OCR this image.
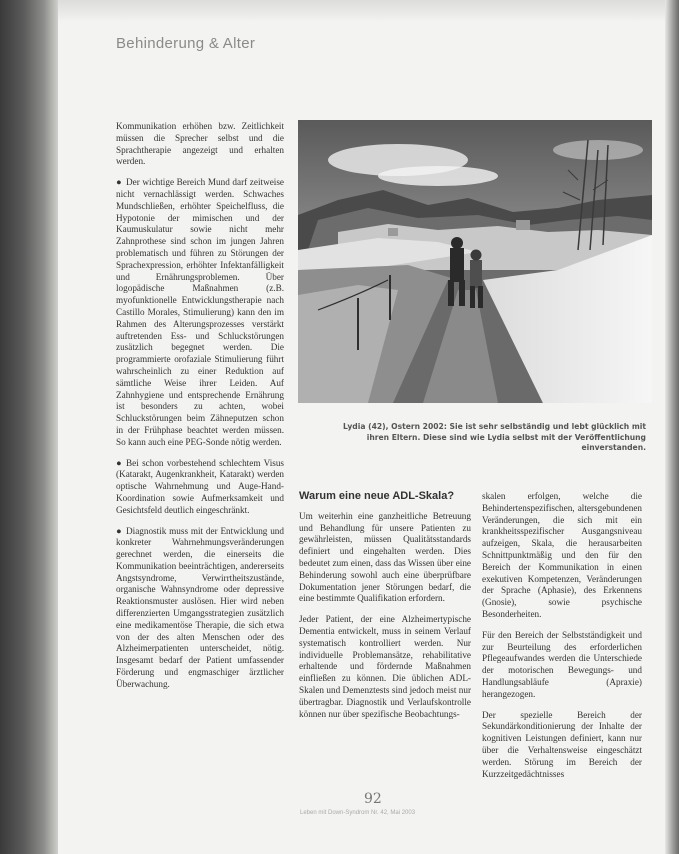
Behinderung & Alter

Kommunikation erhöhen bzw. Zeitlichkeit müssen die Sprecher selbst und die Sprachtherapie angezeigt und erhalten werden.

● Der wichtige Bereich Mund darf zeitweise nicht vernachlässigt werden. Schwaches Mundschließen, erhöhter Speichelfluss, die Hypotonie der mimischen und der Kaumuskulatur sowie nicht mehr Zahnprothese sind schon im jungen Jahren problematisch und führen zu Störungen der Sprachexpression, erhöhter Infektanfälligkeit und Ernährungsproblemen. Über logopädische Maßnahmen (z.B. myofunktionelle Entwicklungstherapie nach Castillo Morales, Stimulierung) kann den im Rahmen des Alterungsprozesses verstärkt auftretenden Ess- und Schluckstörungen zusätzlich begegnet werden. Die programmierte orofaziale Stimulierung führt wahrscheinlich zu einer Reduktion auf sämtliche Weise ihrer Leiden. Auf Zahnhygiene und entsprechende Ernährung ist besonders zu achten, wobei Schluckstörungen beim Zähneputzen schon in der Frühphase beachtet werden müssen. So kann auch eine PEG-Sonde nötig werden.

● Bei schon vorbestehend schlechtem Visus (Katarakt, Augenkrankheit, Katarakt) werden optische Wahrnehmung und Auge-Hand-Koordination sowie Aufmerksamkeit und Gesichtsfeld deutlich eingeschränkt.

● Diagnostik muss mit der Entwicklung und konkreter Wahrnehmungsveränderungen gerechnet werden, die einerseits die Kommunikation beeinträchtigen, andererseits Angstsyndrome, Verwirrtheitszustände, organische Wahnsyndrome oder depressive Reaktionsmuster auslösen. Hier wird neben differenzierten Umgangsstrategien zusätzlich eine medikamentöse Therapie, die sich etwa von der des alten Menschen oder des Alzheimerpatienten unterscheidet, nötig. Insgesamt bedarf der Patient umfassender Förderung und engmaschiger ärztlicher Überwachung.

Lydia (42), Ostern 2002: Sie ist sehr selbständig und lebt glücklich mit ihren Eltern. Diese sind wie Lydia selbst mit der Veröffentlichung einverstanden.
Warum eine neue ADL-Skala?

Um weiterhin eine ganzheitliche Betreuung und Behandlung für unsere Patienten zu gewährleisten, müssen Qualitätsstandards definiert und eingehalten werden. Dies bedeutet zum einen, dass das Wissen über eine Behinderung sowohl auch eine überprüfbare Dokumentation jener Störungen bedarf, die eine bestimmte Qualifikation erfordern.

Jeder Patient, der eine Alzheimertypische Dementia entwickelt, muss in seinem Verlauf systematisch kontrolliert werden. Nur individuelle Problemansätze, rehabilitative erhaltende und fördernde Maßnahmen einfließen zu können. Die üblichen ADL-Skalen und Demenztests sind jedoch meist nur übertragbar. Diagnostik und Verlaufskontrolle können nur über spezifische Beobachtungs-

skalen erfolgen, welche die Behindertenspezifischen, altersgebundenen Veränderungen, die sich mit ein krankheitsspezifischer Ausgangsniveau aufzeigen, Skala, die herausarbeiten Schnittpunktmäßig und den für den Bereich der Kommunikation in einen exekutiven Kompetenzen, Veränderungen der Sprache (Aphasie), des Erkennens (Gnosie), sowie psychische Besonderheiten.

Für den Bereich der Selbstständigkeit und zur Beurteilung des erforderlichen Pflegeaufwandes werden die Unterschiede der motorischen Bewegungs- und Handlungsabläufe (Apraxie) herangezogen.

Der spezielle Bereich der Sekundärkonditionierung der Inhalte der kognitiven Leistungen definiert, kann nur über die Verhaltensweise eingeschätzt werden. Störung im Bereich der Kurzzeitgedächtnisses

92
Leben mit Down-Syndrom Nr. 42, Mai 2003
